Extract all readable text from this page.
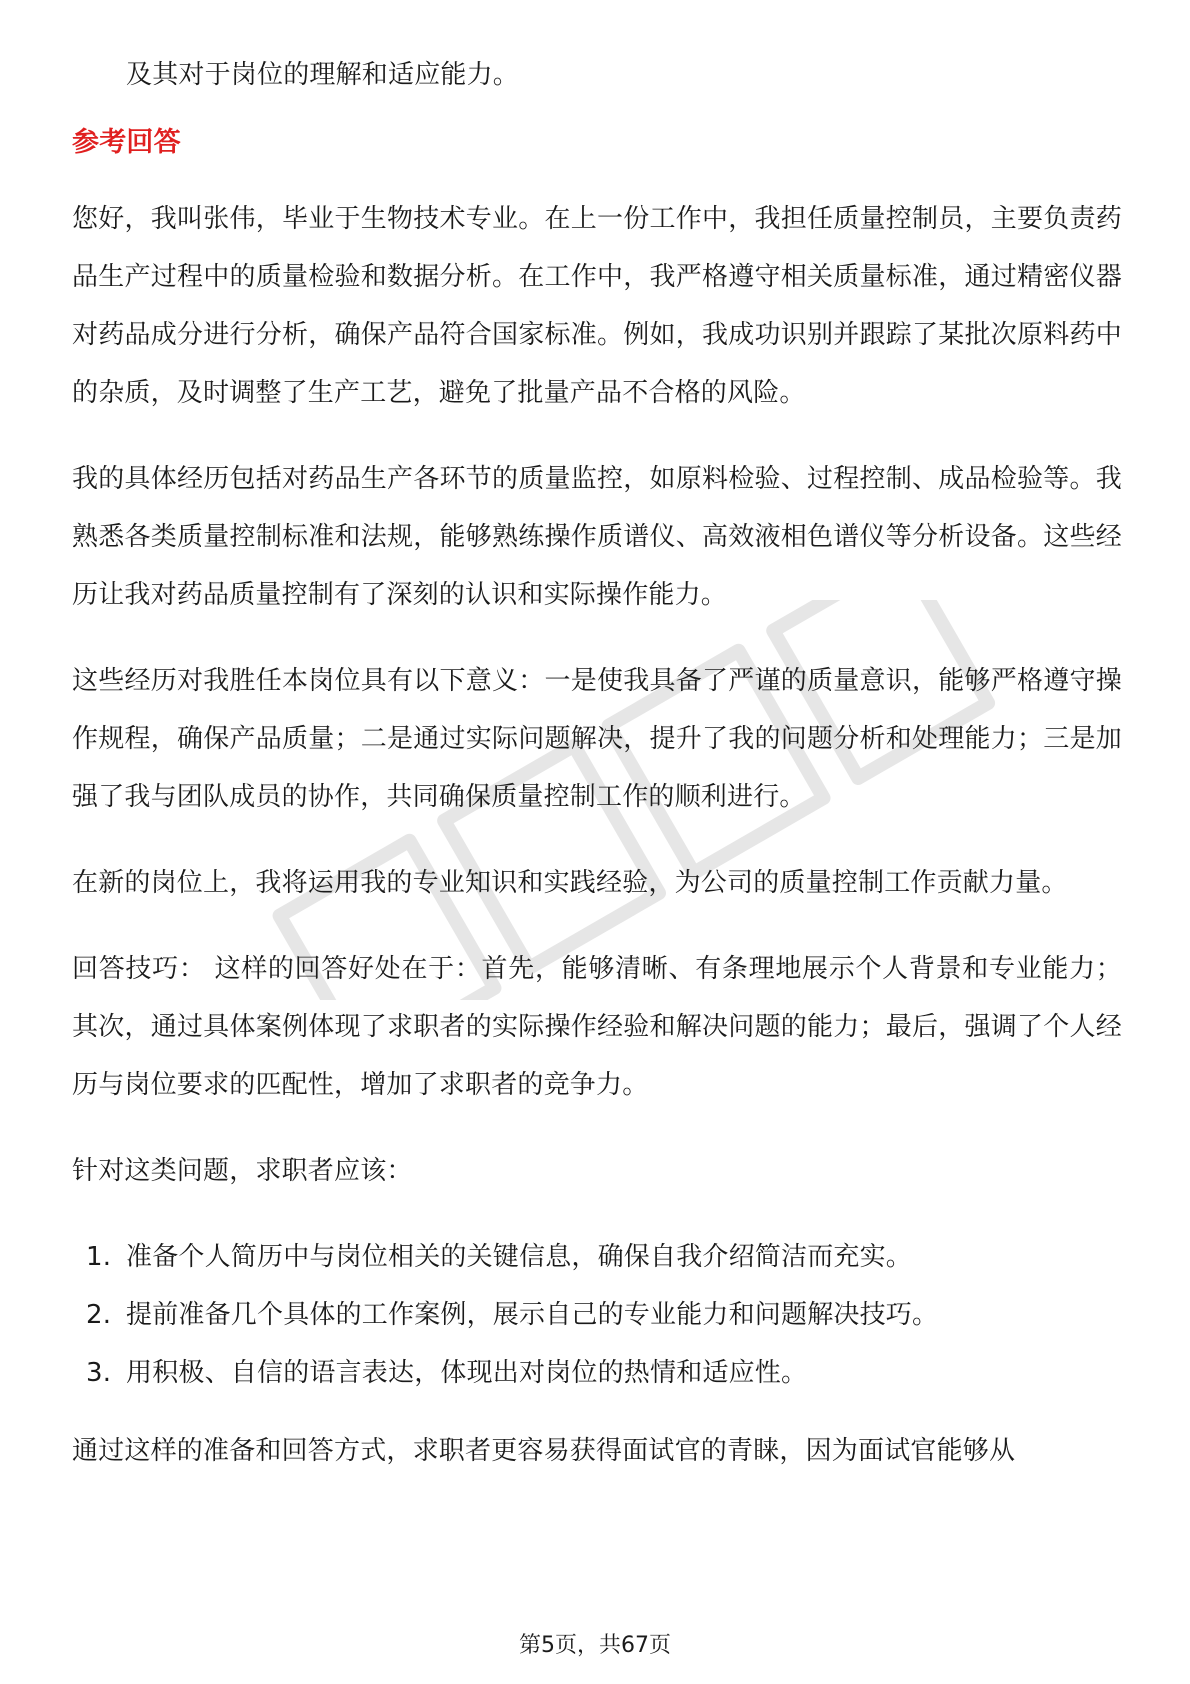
及其对于岗位的理解和适应能力。

参考回答

您好，我叫张伟，毕业于生物技术专业。在上一份工作中，我担任质量控制员，主要负责药品生产过程中的质量检验和数据分析。在工作中，我严格遵守相关质量标准，通过精密仪器对药品成分进行分析，确保产品符合国家标准。例如，我成功识别并跟踪了某批次原料药中的杂质，及时调整了生产工艺，避免了批量产品不合格的风险。

我的具体经历包括对药品生产各环节的质量监控，如原料检验、过程控制、成品检验等。我熟悉各类质量控制标准和法规，能够熟练操作质谱仪、高效液相色谱仪等分析设备。这些经历让我对药品质量控制有了深刻的认识和实际操作能力。

这些经历对我胜任本岗位具有以下意义：一是使我具备了严谨的质量意识，能够严格遵守操作规程，确保产品质量；二是通过实际问题解决，提升了我的问题分析和处理能力；三是加强了我与团队成员的协作，共同确保质量控制工作的顺利进行。

在新的岗位上，我将运用我的专业知识和实践经验，为公司的质量控制工作贡献力量。

回答技巧： 这样的回答好处在于：首先，能够清晰、有条理地展示个人背景和专业能力；其次，通过具体案例体现了求职者的实际操作经验和解决问题的能力；最后，强调了个人经历与岗位要求的匹配性，增加了求职者的竞争力。

针对这类问题，求职者应该：

1. 准备个人简历中与岗位相关的关键信息，确保自我介绍简洁而充实。
2. 提前准备几个具体的工作案例，展示自己的专业能力和问题解决技巧。
3. 用积极、自信的语言表达，体现出对岗位的热情和适应性。

通过这样的准备和回答方式，求职者更容易获得面试官的青睐，因为面试官能够从

第5页，共67页
